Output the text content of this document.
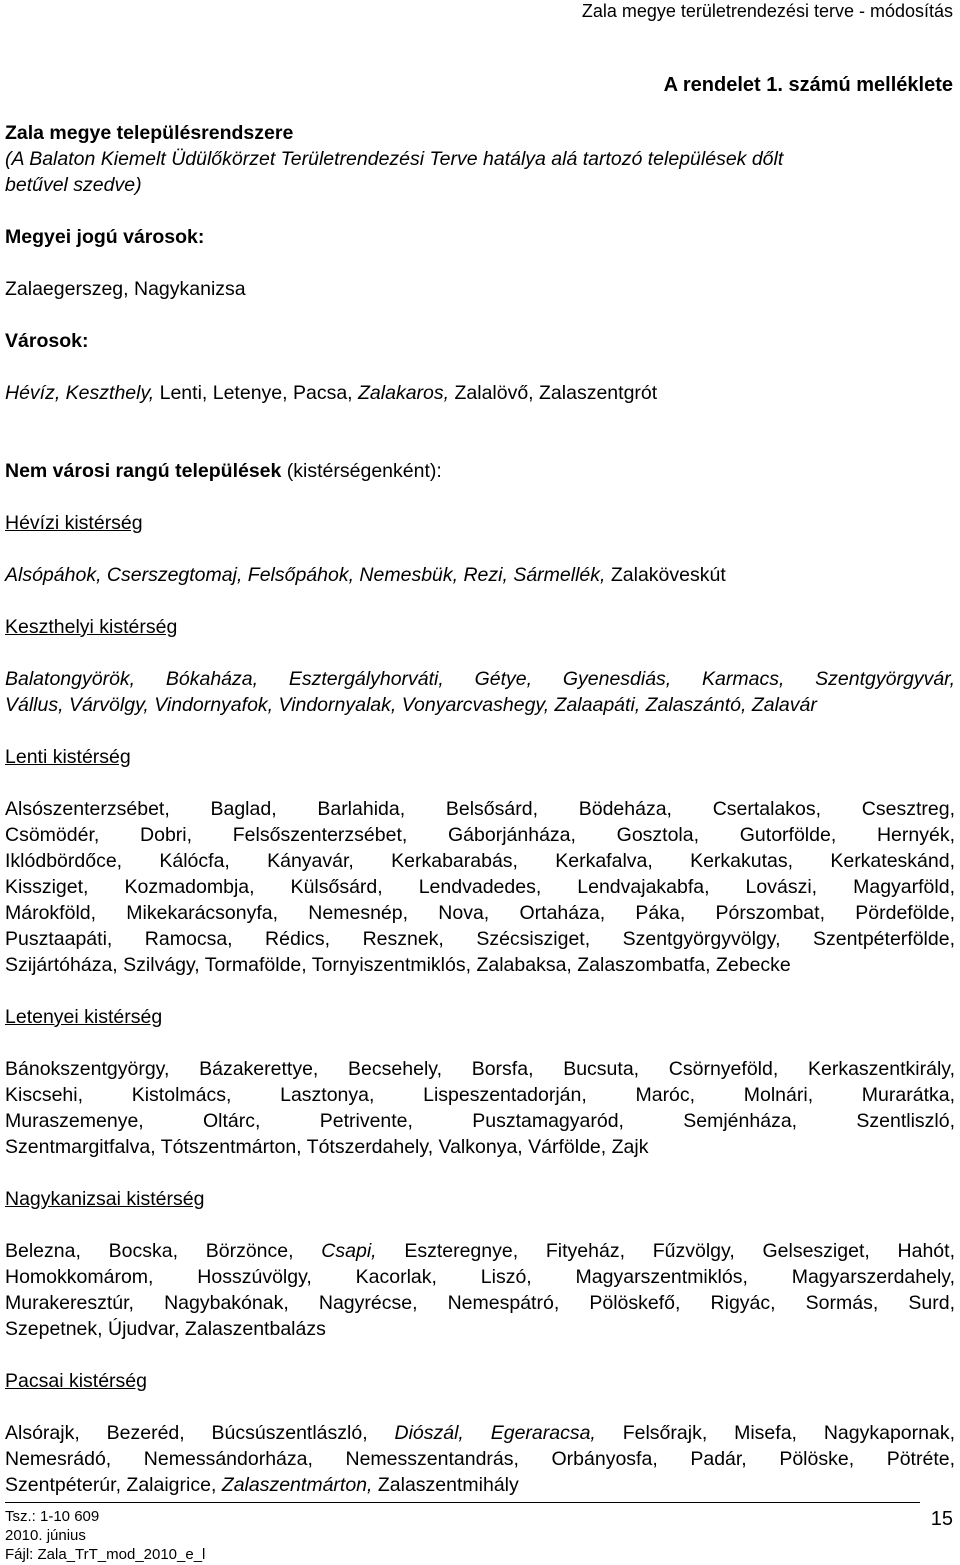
Zala megye területrendezési terve - módosítás
A rendelet 1. számú melléklete

Zala megye településrendszere

(A Balaton Kiemelt Üdülőkörzet Területrendezési Terve hatálya alá tartozó települések dőlt

betűvel szedve)

Megyei jogú városok:

Zalaegerszeg, Nagykanizsa

Városok:

Hévíz, Keszthely, Lenti, Letenye, Pacsa, Zalakaros, Zalalövő, Zalaszentgrót

Nem városi rangú települések (kistérségenként):

Hévízi kistérség

Alsópáhok, Cserszegtomaj, Felsőpáhok, Nemesbük, Rezi, Sármellék, Zalaköveskút

Keszthelyi kistérség

Balatongyörök, Bókaháza, Esztergályhorváti, Gétye, Gyenesdiás, Karmacs, Szentgyörgyvár,

Vállus, Várvölgy, Vindornyafok, Vindornyalak, Vonyarcvashegy, Zalaapáti, Zalaszántó, Zalavár

Lenti kistérség

Alsószenterzsébet, Baglad, Barlahida, Belsősárd, Bödeháza, Csertalakos, Csesztreg,

Csömödér, Dobri, Felsőszenterzsébet, Gáborjánháza, Gosztola, Gutorfölde, Hernyék,

Iklódbördőce, Kálócfa, Kányavár, Kerkabarabás, Kerkafalva, Kerkakutas, Kerkateskánd,

Kissziget, Kozmadombja, Külsősárd, Lendvadedes, Lendvajakabfa, Lovászi, Magyarföld,

Márokföld, Mikekarácsonyfa, Nemesnép, Nova, Ortaháza, Páka, Pórszombat, Pördefölde,

Pusztaapáti, Ramocsa, Rédics, Resznek, Szécsisziget, Szentgyörgyvölgy, Szentpéterfölde,

Szijártóháza, Szilvágy, Tormafölde, Tornyiszentmiklós, Zalabaksa, Zalaszombatfa, Zebecke

Letenyei kistérség

Bánokszentgyörgy, Bázakerettye, Becsehely, Borsfa, Bucsuta, Csörnyeföld, Kerkaszentkirály,

Kiscsehi, Kistolmács, Lasztonya, Lispeszentadorján, Maróc, Molnári, Murarátka,

Muraszemenye, Oltárc, Petrivente, Pusztamagyaród, Semjénháza, Szentliszló,

Szentmargitfalva, Tótszentmárton, Tótszerdahely, Valkonya, Várfölde, Zajk

Nagykanizsai kistérség

Belezna, Bocska, Börzönce, Csapi, Eszteregnye, Fityeház, Fűzvölgy, Gelsesziget, Hahót,

Homokkomárom, Hosszúvölgy, Kacorlak, Liszó, Magyarszentmiklós, Magyarszerdahely,

Murakeresztúr, Nagybakónak, Nagyrécse, Nemespátró, Pölöskefő, Rigyác, Sormás, Surd,

Szepetnek, Újudvar, Zalaszentbalázs

Pacsai kistérség

Alsórajk, Bezeréd, Búcsúszentlászló, Diószál, Egeraracsa, Felsőrajk, Misefa, Nagykapornak,

Nemesrádó, Nemessándorháza, Nemesszentandrás, Orbányosfa, Padár, Pölöske, Pötréte,

Szentpéterúr, Zalaigrice, Zalaszentmárton, Zalaszentmihály

Tsz.: 1-10 609

2010. június

Fájl: Zala_TrT_mod_2010_e_l

15
